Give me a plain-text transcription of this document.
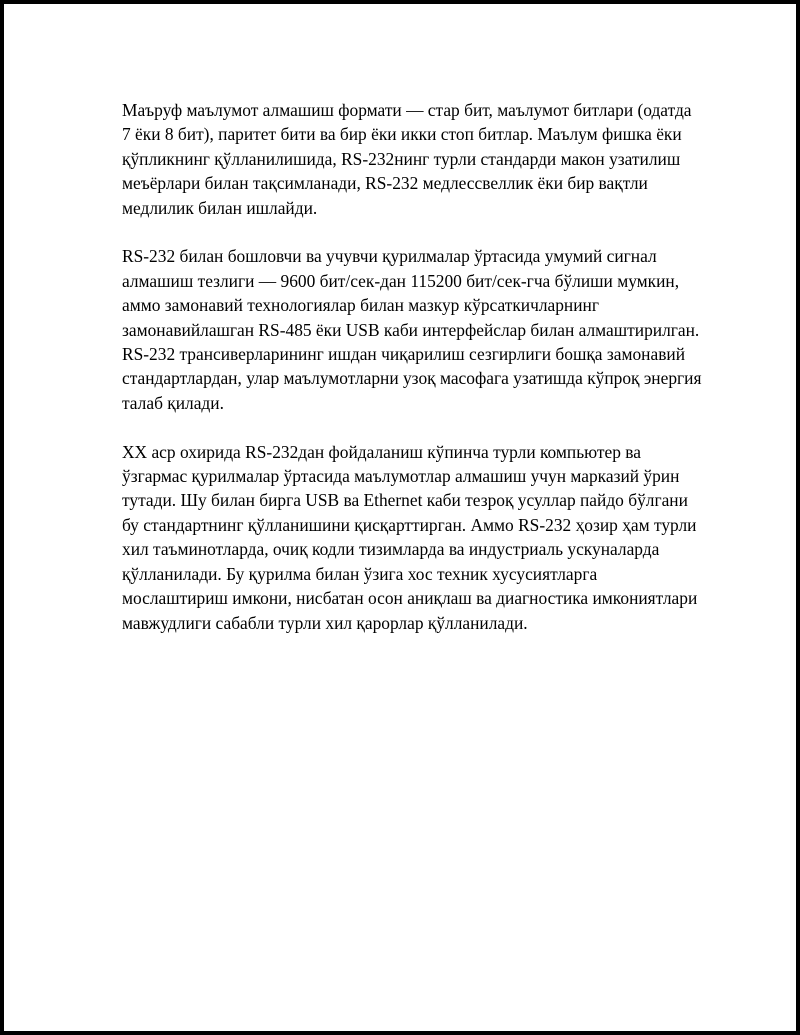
Маъруф маълумот алмашиш формати — стар бит, маълумот битлари (одатда 7 ёки 8 бит), паритет бити ва бир ёки икки стоп битлар. Маълум фишка ёки қўпликнинг қўлланилишида, RS-232нинг турли стандарди макон узатилиш меъёрлари билан тақсимланади, RS-232 медлессвеллик ёки бир вақтли медлилик билан ишлайди.

RS-232 билан бошловчи ва учувчи қурилмалар ўртасида умумий сигнал алмашиш тезлиги — 9600 бит/сек-дан 115200 бит/сек-гча бўлиши мумкин, аммо замонавий технологиялар билан мазкур кўрсаткичларнинг замонавийлашган RS-485 ёки USB каби интерфейслар билан алмаштирилган. RS-232 трансиверларининг ишдан чиқарилиш сезгирлиги бошқа замонавий стандартлардан, улар маълумотларни узоқ масофага узатишда кўпроқ энергия талаб қилади.

XX аср охирида RS-232дан фойдаланиш кўпинча турли компьютер ва ўзгармас қурилмалар ўртасида маълумотлар алмашиш учун марказий ўрин тутади. Шу билан бирга USB ва Ethernet каби тезроқ усуллар пайдо бўлгани бу стандартнинг қўлланишини қисқарттирган. Аммо RS-232 ҳозир ҳам турли хил таъминотларда, очиқ кодли тизимларда ва индустриаль ускуналарда қўлланилади. Бу қурилма билан ўзига хос техник хусусиятларга мослаштириш имкони, нисбатан осон аниқлаш ва диагностика имкониятлари мавжудлиги сабабли турли хил қарорлар қўлланилади.
